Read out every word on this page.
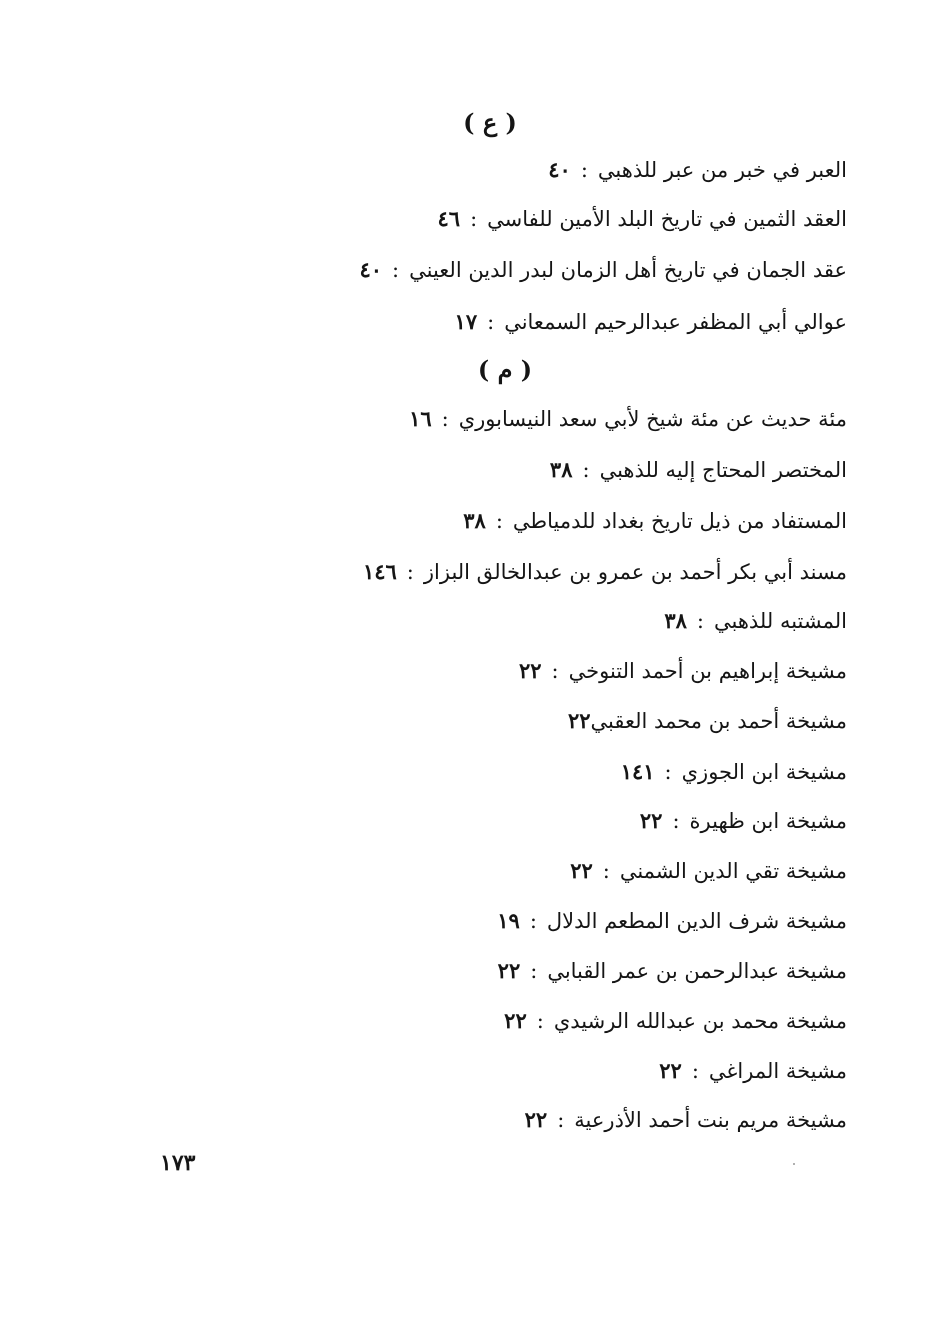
( ع )
العبر في خبر من عبر للذهبي:٤٠
العقد الثمين في تاريخ البلد الأمين للفاسي:٤٦
عقد الجمان في تاريخ أهل الزمان لبدر الدين العيني:٤٠
عوالي أبي المظفر عبدالرحيم السمعاني:١٧
( م )
مئة حديث عن مئة شيخ لأبي سعد النيسابوري:١٦
المختصر المحتاج إليه للذهبي:٣٨
المستفاد من ذيل تاريخ بغداد للدمياطي:٣٨
مسند أبي بكر أحمد بن عمرو بن عبدالخالق البزاز:١٤٦
المشتبه للذهبي:٣٨
مشيخة إبراهيم بن أحمد التنوخي:٢٢
مشيخة أحمد بن محمد العقبي٢٢
مشيخة ابن الجوزي:١٤١
مشيخة ابن ظهيرة:٢٢
مشيخة تقي الدين الشمني:٢٢
مشيخة شرف الدين المطعم الدلال:١٩
مشيخة عبدالرحمن بن عمر القبابي:٢٢
مشيخة محمد بن عبدالله الرشيدي:٢٢
مشيخة المراغي:٢٢
مشيخة مريم بنت أحمد الأذرعية:٢٢
١٧٣
